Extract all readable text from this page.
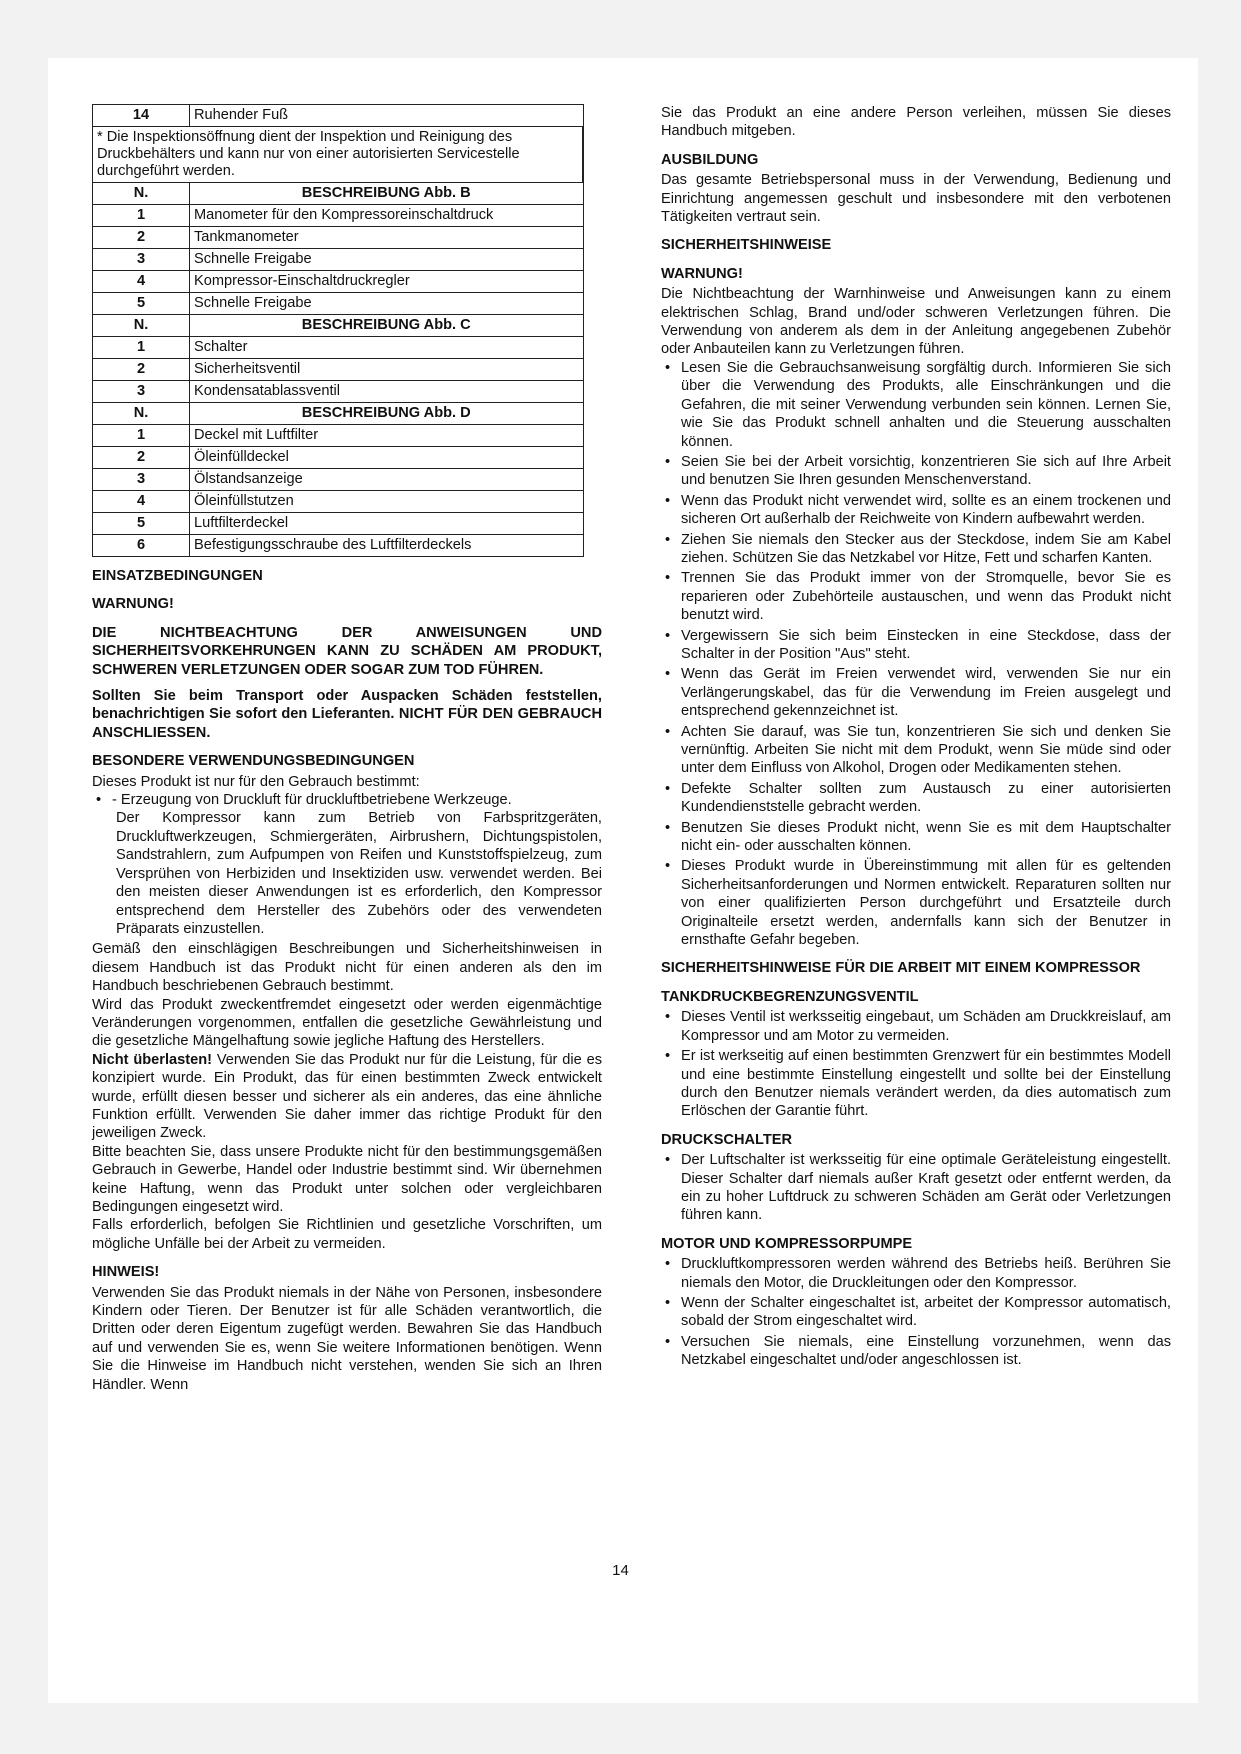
14	Ruhender Fuß
* Die Inspektionsöffnung dient der Inspektion und Reinigung des Druckbehälters und kann nur von einer autorisierten Servicestelle durchgeführt werden.	
N.	BESCHREIBUNG Abb. B
1	Manometer für den Kompressoreinschaltdruck
2	Tankmanometer
3	Schnelle Freigabe
4	Kompressor-Einschaltdruckregler
5	Schnelle Freigabe
N.	BESCHREIBUNG Abb. C
1	Schalter
2	Sicherheitsventil
3	Kondensatablassventil
N.	BESCHREIBUNG Abb. D
1	Deckel mit Luftfilter
2	Öleinfülldeckel
3	Ölstandsanzeige
4	Öleinfüllstutzen
5	Luftfilterdeckel
6	Befestigungsschraube des Luftfilterdeckels
EINSATZBEDINGUNGEN
WARNUNG!

DIE NICHTBEACHTUNG DER ANWEISUNGEN UND SICHERHEITSVORKEHRUNGEN KANN ZU SCHÄDEN AM PRODUKT, SCHWEREN VERLETZUNGEN ODER SOGAR ZUM TOD FÜHREN.

Sollten Sie beim Transport oder Auspacken Schäden feststellen, benachrichtigen Sie sofort den Lieferanten. NICHT FÜR DEN GEBRAUCH ANSCHLIESSEN.

BESONDERE VERWENDUNGSBEDINGUNGEN

Dieses Produkt ist nur für den Gebrauch bestimmt:

• - Erzeugung von Druckluft für druckluftbetriebene Werkzeuge.

Der Kompressor kann zum Betrieb von Farbspritzgeräten, Druckluftwerkzeugen, Schmiergeräten, Airbrushern, Dichtungspistolen, Sandstrahlern, zum Aufpumpen von Reifen und Kunststoffspielzeug, zum Versprühen von Herbiziden und Insektiziden usw. verwendet werden. Bei den meisten dieser Anwendungen ist es erforderlich, den Kompressor entsprechend dem Hersteller des Zubehörs oder des verwendeten Präparats einzustellen.

Gemäß den einschlägigen Beschreibungen und Sicherheitshinweisen in diesem Handbuch ist das Produkt nicht für einen anderen als den im Handbuch beschriebenen Gebrauch bestimmt.

Wird das Produkt zweckentfremdet eingesetzt oder werden eigenmächtige Veränderungen vorgenommen, entfallen die gesetzliche Gewährleistung und die gesetzliche Mängelhaftung sowie jegliche Haftung des Herstellers.

Nicht überlasten! Verwenden Sie das Produkt nur für die Leistung, für die es konzipiert wurde. Ein Produkt, das für einen bestimmten Zweck entwickelt wurde, erfüllt diesen besser und sicherer als ein anderes, das eine ähnliche Funktion erfüllt. Verwenden Sie daher immer das richtige Produkt für den jeweiligen Zweck.

Bitte beachten Sie, dass unsere Produkte nicht für den bestimmungsgemäßen Gebrauch in Gewerbe, Handel oder Industrie bestimmt sind. Wir übernehmen keine Haftung, wenn das Produkt unter solchen oder vergleichbaren Bedingungen eingesetzt wird.

Falls erforderlich, befolgen Sie Richtlinien und gesetzliche Vorschriften, um mögliche Unfälle bei der Arbeit zu vermeiden.

HINWEIS!

Verwenden Sie das Produkt niemals in der Nähe von Personen, insbesondere Kindern oder Tieren. Der Benutzer ist für alle Schäden verantwortlich, die Dritten oder deren Eigentum zugefügt werden. Bewahren Sie das Handbuch auf und verwenden Sie es, wenn Sie weitere Informationen benötigen. Wenn Sie die Hinweise im Handbuch nicht verstehen, wenden Sie sich an Ihren Händler. Wenn

Sie das Produkt an eine andere Person verleihen, müssen Sie dieses Handbuch mitgeben.

AUSBILDUNG

Das gesamte Betriebspersonal muss in der Verwendung, Bedienung und Einrichtung angemessen geschult und insbesondere mit den verbotenen Tätigkeiten vertraut sein.

SICHERHEITSHINWEISE
WARNUNG!

Die Nichtbeachtung der Warnhinweise und Anweisungen kann zu einem elektrischen Schlag, Brand und/oder schweren Verletzungen führen. Die Verwendung von anderem als dem in der Anleitung angegebenen Zubehör oder Anbauteilen kann zu Verletzungen führen.

• Lesen Sie die Gebrauchsanweisung sorgfältig durch. Informieren Sie sich über die Verwendung des Produkts, alle Einschränkungen und die Gefahren, die mit seiner Verwendung verbunden sein können. Lernen Sie, wie Sie das Produkt schnell anhalten und die Steuerung ausschalten können.
• Seien Sie bei der Arbeit vorsichtig, konzentrieren Sie sich auf Ihre Arbeit und benutzen Sie Ihren gesunden Menschenverstand.
• Wenn das Produkt nicht verwendet wird, sollte es an einem trockenen und sicheren Ort außerhalb der Reichweite von Kindern aufbewahrt werden.
• Ziehen Sie niemals den Stecker aus der Steckdose, indem Sie am Kabel ziehen. Schützen Sie das Netzkabel vor Hitze, Fett und scharfen Kanten.
• Trennen Sie das Produkt immer von der Stromquelle, bevor Sie es reparieren oder Zubehörteile austauschen, und wenn das Produkt nicht benutzt wird.
• Vergewissern Sie sich beim Einstecken in eine Steckdose, dass der Schalter in der Position "Aus" steht.
• Wenn das Gerät im Freien verwendet wird, verwenden Sie nur ein Verlängerungskabel, das für die Verwendung im Freien ausgelegt und entsprechend gekennzeichnet ist.
• Achten Sie darauf, was Sie tun, konzentrieren Sie sich und denken Sie vernünftig. Arbeiten Sie nicht mit dem Produkt, wenn Sie müde sind oder unter dem Einfluss von Alkohol, Drogen oder Medikamenten stehen.
• Defekte Schalter sollten zum Austausch zu einer autorisierten Kundendienststelle gebracht werden.
• Benutzen Sie dieses Produkt nicht, wenn Sie es mit dem Hauptschalter nicht ein- oder ausschalten können.
• Dieses Produkt wurde in Übereinstimmung mit allen für es geltenden Sicherheitsanforderungen und Normen entwickelt. Reparaturen sollten nur von einer qualifizierten Person durchgeführt und Ersatzteile durch Originalteile ersetzt werden, andernfalls kann sich der Benutzer in ernsthafte Gefahr begeben.
SICHERHEITSHINWEISE FÜR DIE ARBEIT MIT EINEM KOMPRESSOR
TANKDRUCKBEGRENZUNGSVENTIL
• Dieses Ventil ist werksseitig eingebaut, um Schäden am Druckkreislauf, am Kompressor und am Motor zu vermeiden.
• Er ist werkseitig auf einen bestimmten Grenzwert für ein bestimmtes Modell und eine bestimmte Einstellung eingestellt und sollte bei der Einstellung durch den Benutzer niemals verändert werden, da dies automatisch zum Erlöschen der Garantie führt.
DRUCKSCHALTER
• Der Luftschalter ist werksseitig für eine optimale Geräteleistung eingestellt. Dieser Schalter darf niemals außer Kraft gesetzt oder entfernt werden, da ein zu hoher Luftdruck zu schweren Schäden am Gerät oder Verletzungen führen kann.
MOTOR UND KOMPRESSORPUMPE
• Druckluftkompressoren werden während des Betriebs heiß. Berühren Sie niemals den Motor, die Druckleitungen oder den Kompressor.
• Wenn der Schalter eingeschaltet ist, arbeitet der Kompressor automatisch, sobald der Strom eingeschaltet wird.
• Versuchen Sie niemals, eine Einstellung vorzunehmen, wenn das Netzkabel eingeschaltet und/oder angeschlossen ist.
14
